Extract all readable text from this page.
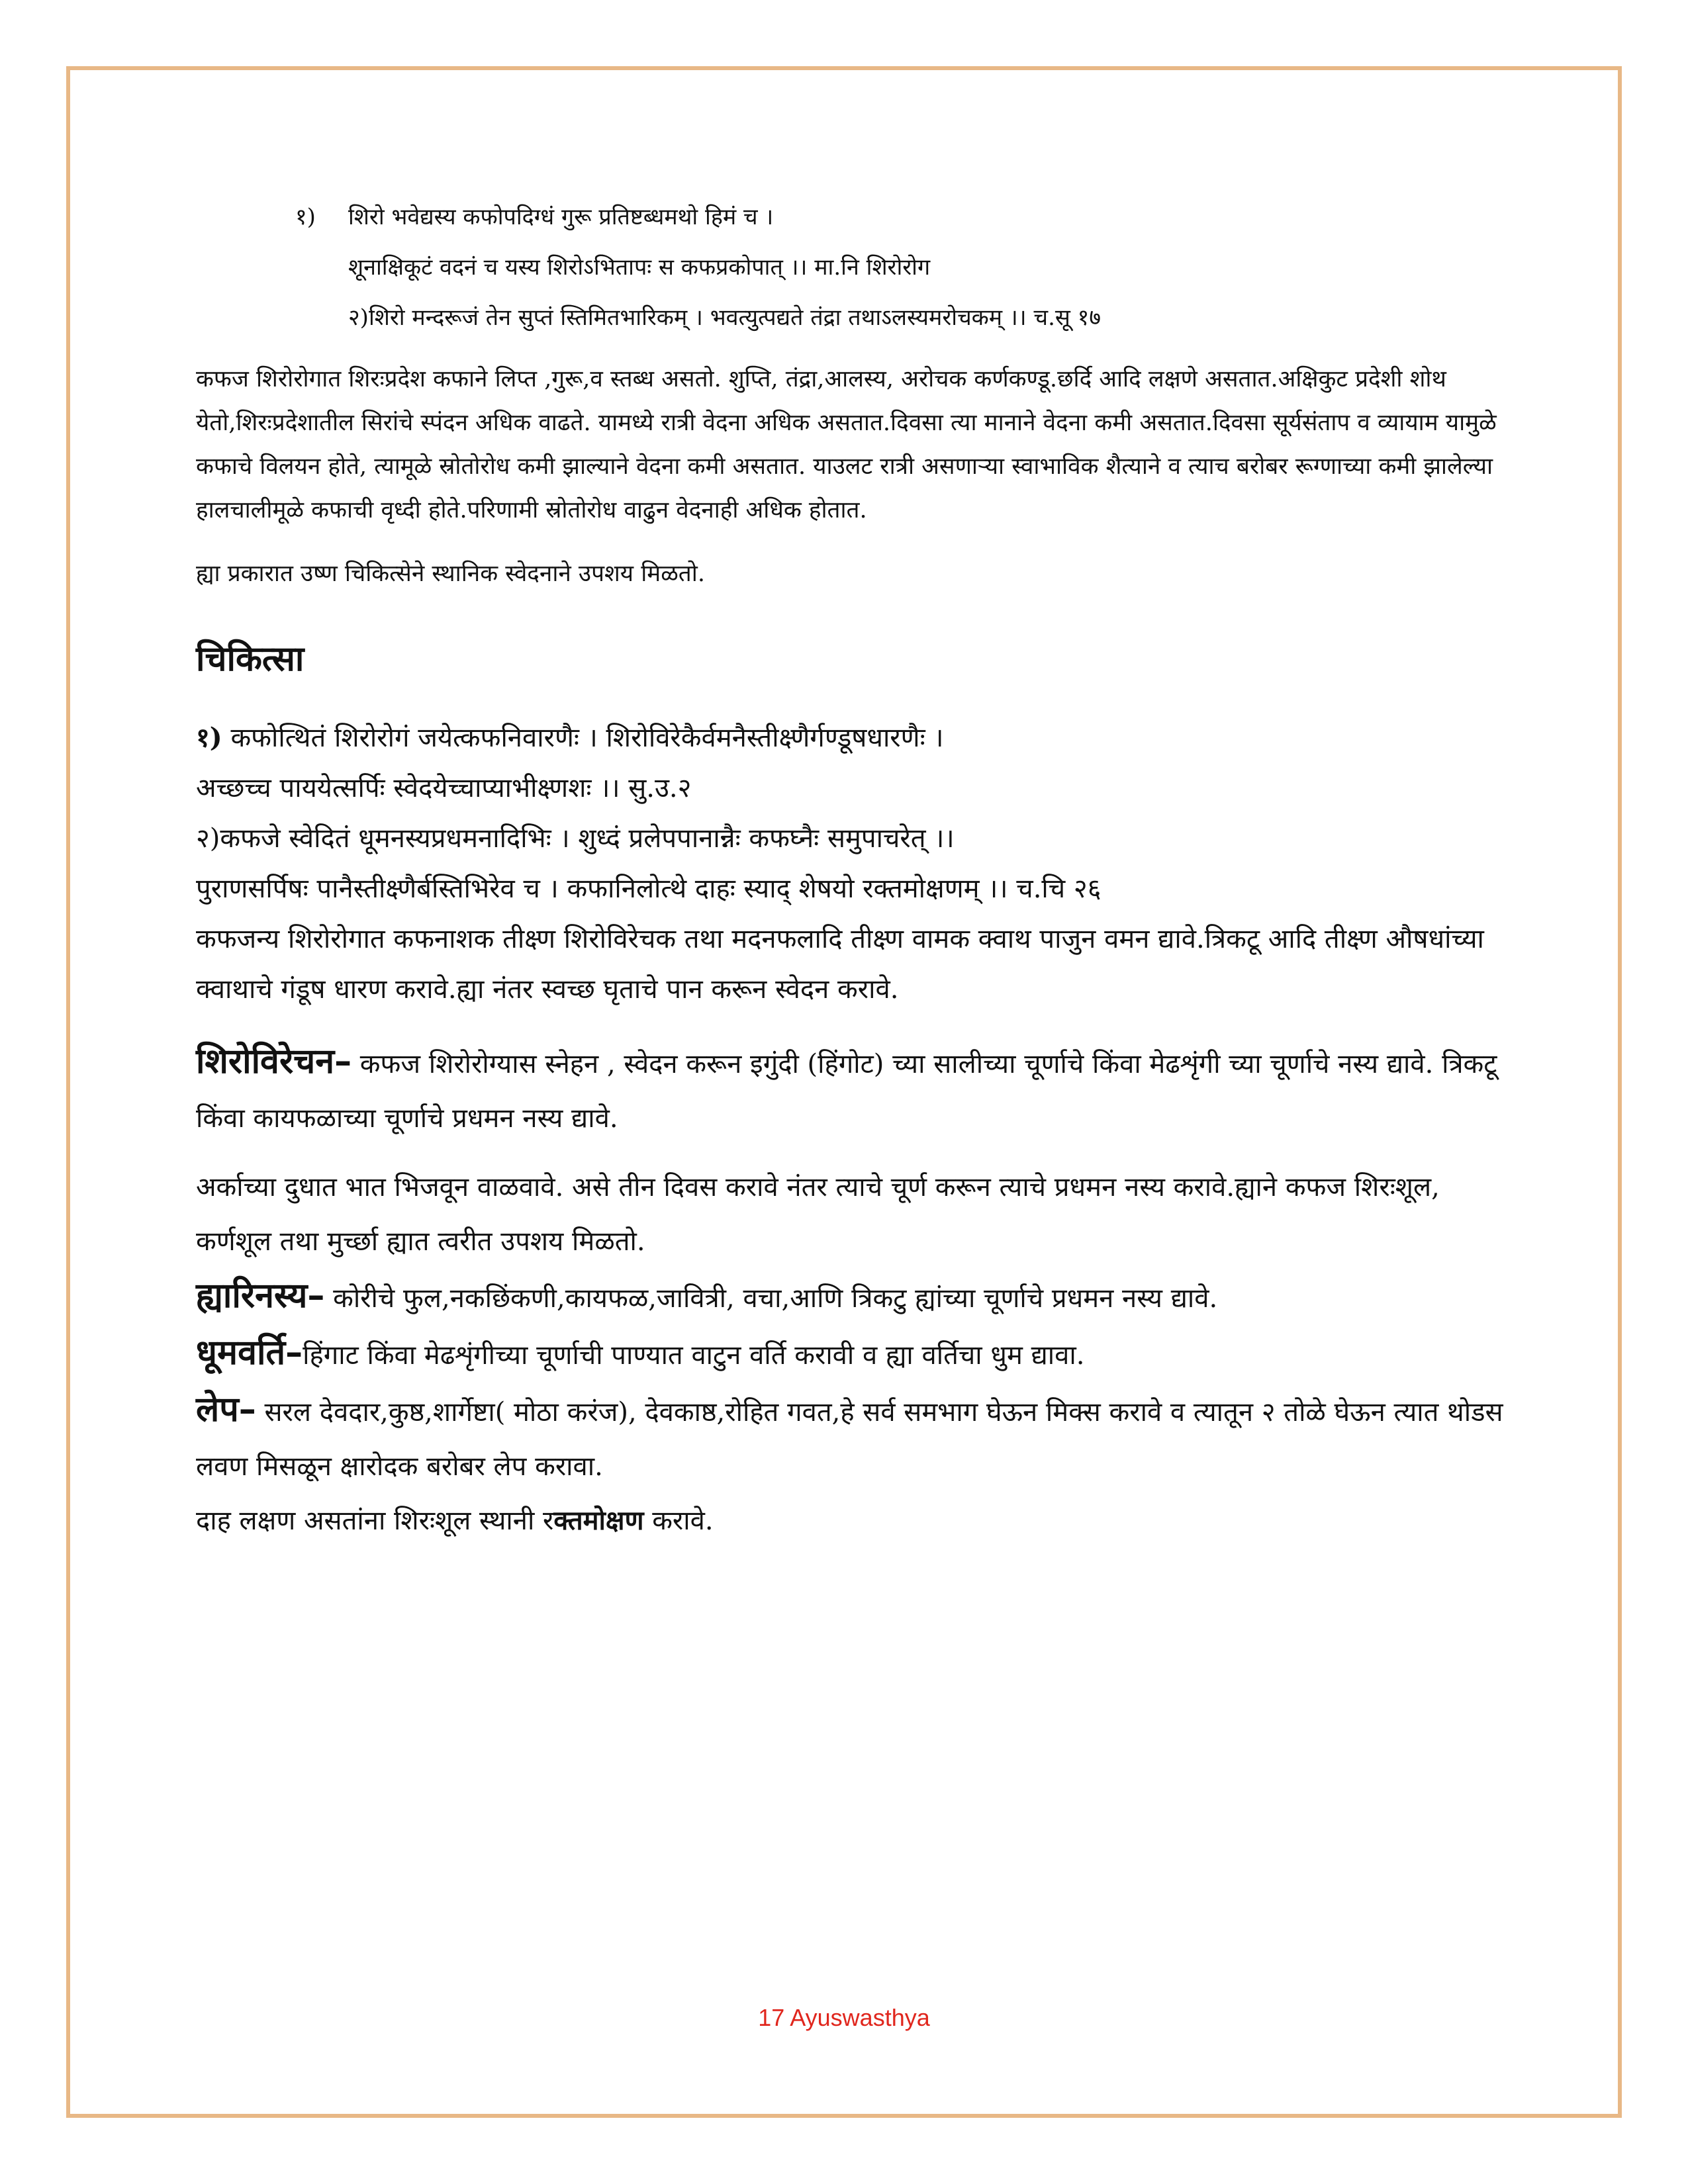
१) शिरो भवेद्यस्य कफोपदिग्धं गुरू प्रतिष्टब्धमथो हिमं च ।
शूनाक्षिकूटं वदनं च यस्य शिरोऽभितापः स कफप्रकोपात् ।। मा.नि शिरोरोग
२)शिरो मन्दरूजं तेन सुप्तं स्तिमितभारिकम् । भवत्युत्पद्यते तंद्रा तथाऽलस्यमरोचकम् ।। च.सू १७

कफज शिरोरोगात शिरःप्रदेश कफाने लिप्त ,गुरू,व स्तब्ध असतो. शुप्ति, तंद्रा,आलस्य, अरोचक कर्णकण्डू.छर्दि आदि लक्षणे असतात.अक्षिकुट प्रदेशी शोथ येतो,शिरःप्रदेशातील सिरांचे स्पंदन अधिक वाढते. यामध्ये रात्री वेदना अधिक असतात.दिवसा त्या मानाने वेदना कमी असतात.दिवसा सूर्यसंताप व व्यायाम यामुळे कफाचे विलयन होते, त्यामूळे स्रोतोरोध कमी झाल्याने वेदना कमी असतात. याउलट रात्री असणाऱ्या स्वाभाविक शैत्याने व त्याच बरोबर रूग्णाच्या कमी झालेल्या हालचालीमूळे कफाची वृध्दी होते.परिणामी स्रोतोरोध वाढुन वेदनाही अधिक होतात.

ह्या प्रकारात उष्ण चिकित्सेने स्थानिक स्वेदनाने उपशय मिळतो.

चिकित्सा

१) कफोत्थितं शिरोरोगं जयेत्कफनिवारणैः । शिरोविरेकैर्वमनैस्तीक्ष्णैर्गण्डूषधारणैः ।

अच्छच्च पाययेत्सर्पिः स्वेदयेच्चाप्याभीक्ष्णशः ।। सु.उ.२

२)कफजे स्वेदितं धूमनस्यप्रधमनादिभिः । शुध्दं प्रलेपपानान्नैः कफघ्नैः समुपाचरेत् ।।

पुराणसर्पिषः पानैस्तीक्ष्णैर्बस्तिभिरेव च । कफानिलोत्थे दाहः स्याद् शेषयो रक्तमोक्षणम् ।। च.चि २६

कफजन्य शिरोरोगात कफनाशक तीक्ष्ण शिरोविरेचक तथा मदनफलादि तीक्ष्ण वामक क्वाथ पाजुन वमन द्यावे.त्रिकटू आदि तीक्ष्ण औषधांच्या क्वाथाचे गंडूष धारण करावे.ह्या नंतर स्वच्छ घृताचे पान करून स्वेदन करावे.

शिरोविरेचन– कफज शिरोरोग्यास स्नेहन , स्वेदन करून इगुंदी (हिंगोट) च्या सालीच्या चूर्णाचे किंवा मेढशृंगी च्या चूर्णाचे नस्य द्यावे. त्रिकटू किंवा कायफळाच्या चूर्णाचे प्रधमन नस्य द्यावे.

अर्काच्या दुधात भात भिजवून वाळवावे. असे तीन दिवस करावे नंतर त्याचे चूर्ण करून त्याचे प्रधमन नस्य करावे.ह्याने कफज शिरःशूल, कर्णशूल तथा मुर्च्छा ह्यात त्वरीत उपशय मिळतो.

ह्यारिनस्य– कोरीचे फुल,नकछिंकणी,कायफळ,जावित्री, वचा,आणि त्रिकटु ह्यांच्या चूर्णाचे प्रधमन नस्य द्यावे.

धूमवर्ति–हिंगाट किंवा मेढशृंगीच्या चूर्णाची पाण्यात वाटुन वर्ति करावी व ह्या वर्तिचा धुम द्यावा.

लेप– सरल देवदार,कुष्ठ,शार्गेष्टा( मोठा करंज), देवकाष्ठ,रोहित गवत,हे सर्व समभाग घेऊन मिक्स करावे व त्यातून २ तोळे घेऊन त्यात थोडस लवण मिसळून क्षारोदक बरोबर लेप करावा.

दाह लक्षण असतांना शिरःशूल स्थानी रक्तमोक्षण करावे.

17 Ayuswasthya
